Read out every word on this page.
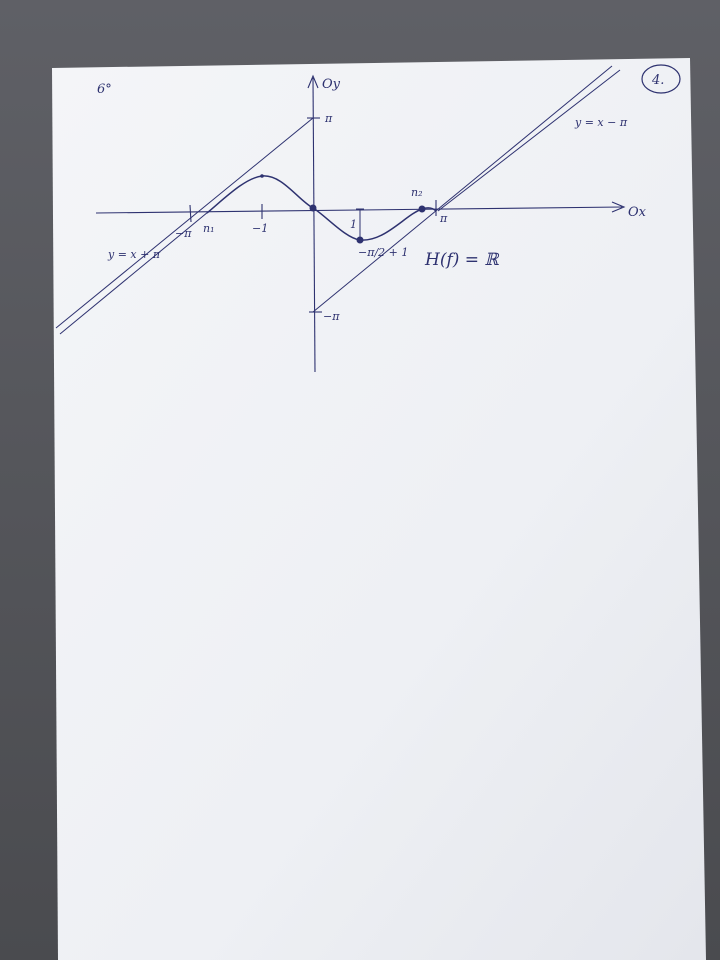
6°
4.
Oy
Ox
π
−π
−π	−1
π
n₁
n₂
y = x − π
y = x + π	−π/2 + 1
1
H(f) = ℝ
